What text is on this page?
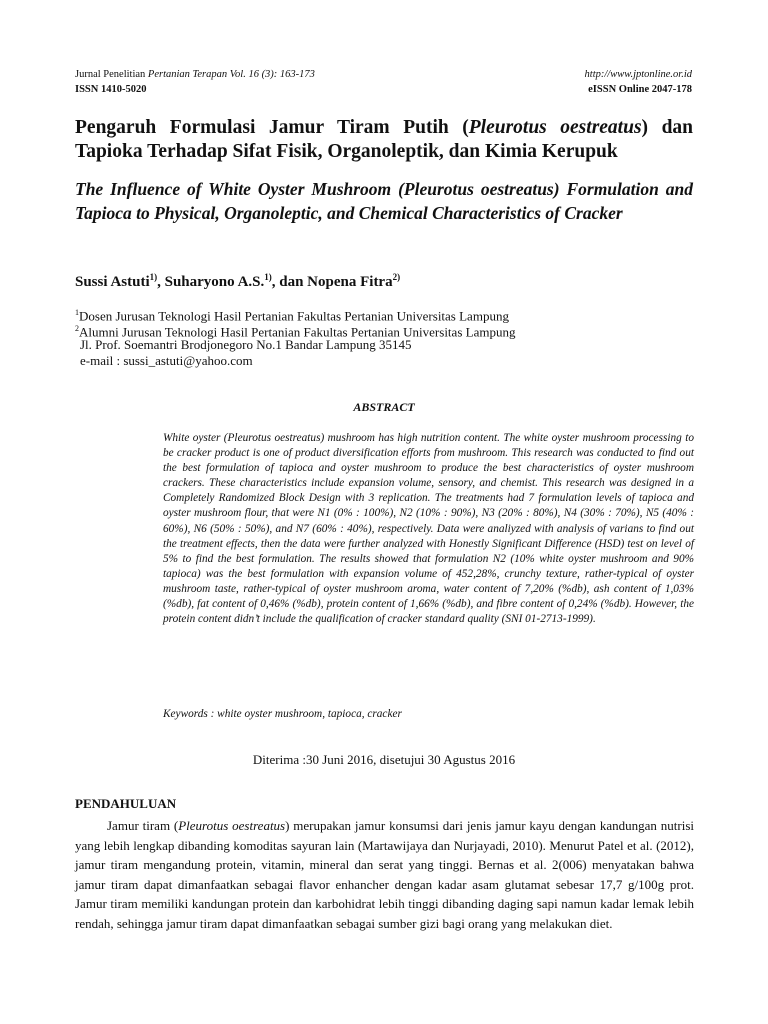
Jurnal Penelitian Pertanian Terapan Vol. 16 (3): 163-173	http://www.jptonline.or.id
ISSN 1410-5020	eISSN Online 2047-178
Pengaruh Formulasi Jamur Tiram Putih (Pleurotus oestreatus) dan Tapioka Terhadap Sifat Fisik, Organoleptik, dan Kimia Kerupuk
The Influence of White Oyster Mushroom (Pleurotus oestreatus) Formulation and Tapioca to Physical, Organoleptic, and Chemical Characteristics of Cracker
Sussi Astuti$^{1)}$, Suharyono A.S.$^{1)}$, dan Nopena Fitra$^{2)}$
$^1$Dosen Jurusan Teknologi Hasil Pertanian Fakultas Pertanian Universitas Lampung
$^2$Alumni Jurusan Teknologi Hasil Pertanian Fakultas Pertanian Universitas Lampung
Jl. Prof. Soemantri Brodjonegoro No.1 Bandar Lampung 35145
e-mail : sussi_astuti@yahoo.com
ABSTRACT
White oyster (Pleurotus oestreatus) mushroom has high nutrition content. The white oyster mushroom processing to be cracker product is one of product diversification efforts from mushroom. This research was conducted to find out the best formulation of tapioca and oyster mushroom to produce the best characteristics of oyster mushroom crackers. These characteristics include expansion volume, sensory, and chemist. This research was designed in a Completely Randomized Block Design with 3 replication. The treatments had 7 formulation levels of tapioca and oyster mushroom flour, that were N1 (0% : 100%), N2 (10% : 90%), N3 (20% : 80%), N4 (30% : 70%), N5 (40% : 60%), N6 (50% : 50%), and N7 (60% : 40%), respectively. Data were analiyzed with analysis of varians to find out the treatment effects, then the data were further analyzed with Honestly Significant Difference (HSD) test on level of 5% to find the best formulation. The results showed that formulation N2 (10% white oyster mushroom and 90% tapioca) was the best formulation with expansion volume of 452,28%, crunchy texture, rather-typical of oyster mushroom taste, rather-typical of oyster mushroom aroma, water content of 7,20% (%db), ash content of 1,03% (%db), fat content of 0,46% (%db), protein content of 1,66% (%db), and fibre content of 0,24% (%db). However, the protein content didn’t include the qualification of cracker standard quality (SNI 01-2713-1999).
Keywords : white oyster mushroom, tapioca, cracker
Diterima :30 Juni 2016, disetujui 30 Agustus 2016
PENDAHULUAN
Jamur tiram (Pleurotus oestreatus) merupakan jamur konsumsi dari jenis jamur kayu dengan kandungan nutrisi yang lebih lengkap dibanding komoditas sayuran lain (Martawijaya dan Nurjayadi, 2010). Menurut Patel et al. (2012), jamur tiram mengandung protein, vitamin, mineral dan serat yang tinggi. Bernas et al. 2(006) menyatakan bahwa jamur tiram dapat dimanfaatkan sebagai flavor enhancher dengan kadar asam glutamat sebesar 17,7 g/100g prot. Jamur tiram memiliki kandungan protein dan karbohidrat lebih tinggi dibanding daging sapi namun kadar lemak lebih rendah, sehingga jamur tiram dapat dimanfaatkan sebagai sumber gizi bagi orang yang melakukan diet.
